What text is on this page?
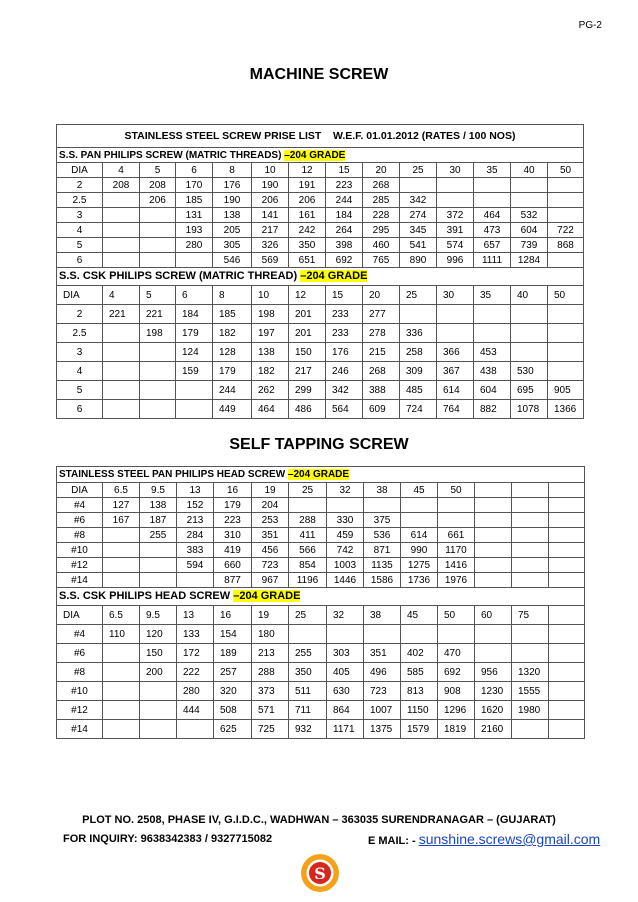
PG-2
MACHINE SCREW
STAINLESS STEEL SCREW PRISE LIST    W.E.F. 01.01.2012 (RATES / 100 NOS)													
S.S. PAN PHILIPS SCREW (MATRIC THREADS) –204 GRADE													
DIA	4	5	6	8	10	12	15	20	25	30	35	40	50
2	208	208	170	176	190	191	223	268					
2.5		206	185	190	206	206	244	285	342				
3			131	138	141	161	184	228	274	372	464	532	
4			193	205	217	242	264	295	345	391	473	604	722
5			280	305	326	350	398	460	541	574	657	739	868
6				546	569	651	692	765	890	996	1111	1284	
S.S. CSK PHILIPS SCREW (MATRIC THREAD) –204 GRADE													
DIA	4	5	6	8	10	12	15	20	25	30	35	40	50
2	221	221	184	185	198	201	233	277					
2.5		198	179	182	197	201	233	278	336				
3			124	128	138	150	176	215	258	366	453		
4			159	179	182	217	246	268	309	367	438	530	
5				244	262	299	342	388	485	614	604	695	905
6				449	464	486	564	609	724	764	882	1078	1366
SELF TAPPING SCREW
STAINLESS STEEL PAN PHILIPS HEAD SCREW –204 GRADE													
DIA	6.5	9.5	13	16	19	25	32	38	45	50			
#4	127	138	152	179	204								
#6	167	187	213	223	253	288	330	375					
#8		255	284	310	351	411	459	536	614	661			
#10			383	419	456	566	742	871	990	1170			
#12			594	660	723	854	1003	1135	1275	1416			
#14				877	967	1196	1446	1586	1736	1976			
S.S. CSK PHILIPS HEAD SCREW –204 GRADE													
DIA	6.5	9.5	13	16	19	25	32	38	45	50	60	75	
#4	110	120	133	154	180								
#6		150	172	189	213	255	303	351	402	470			
#8		200	222	257	288	350	405	496	585	692	956	1320	
#10			280	320	373	511	630	723	813	908	1230	1555	
#12			444	508	571	711	864	1007	1150	1296	1620	1980	
#14				625	725	932	1171	1375	1579	1819	2160		
PLOT NO. 2508, PHASE IV, G.I.D.C., WADHWAN – 363035 SURENDRANAGAR – (GUJARAT)
FOR INQUIRY: 9638342383 / 9327715082	E MAIL: - sunshine.screws@gmail.com
S
